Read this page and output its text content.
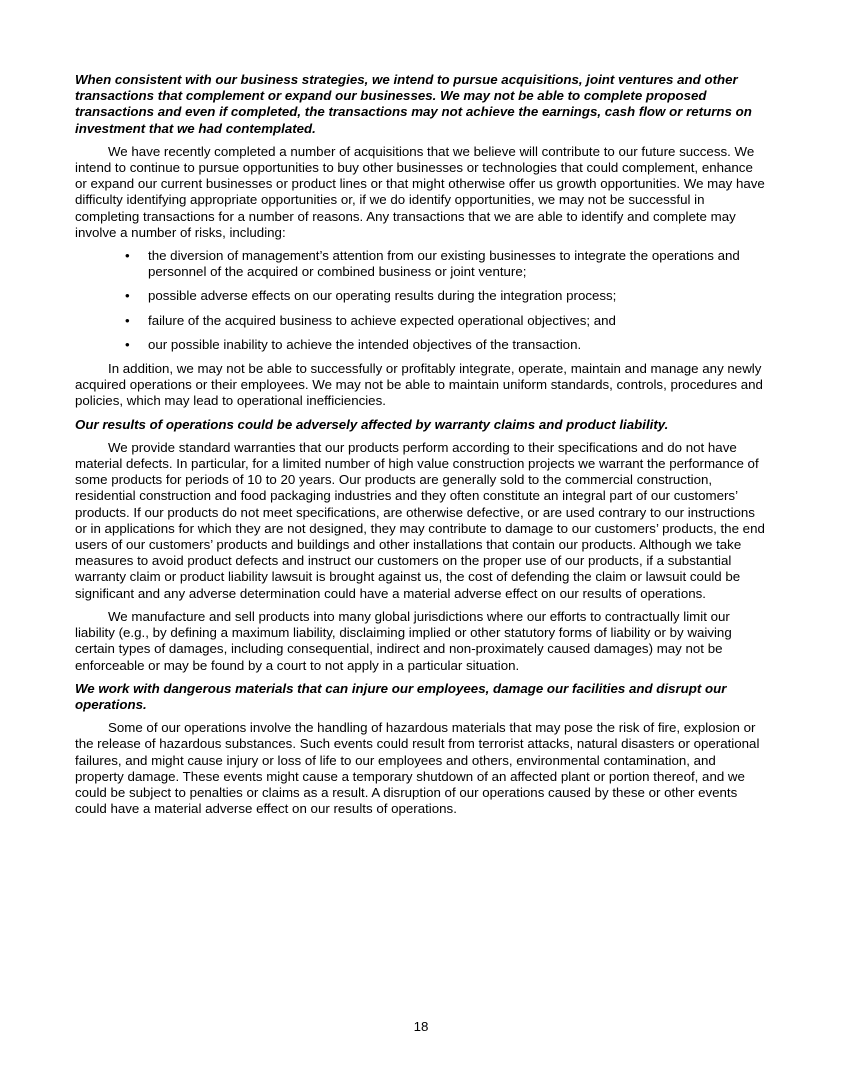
When consistent with our business strategies, we intend to pursue acquisitions, joint ventures and other transactions that complement or expand our businesses. We may not be able to complete proposed transactions and even if completed, the transactions may not achieve the earnings, cash flow or returns on investment that we had contemplated.

We have recently completed a number of acquisitions that we believe will contribute to our future success. We intend to continue to pursue opportunities to buy other businesses or technologies that could complement, enhance or expand our current businesses or product lines or that might otherwise offer us growth opportunities. We may have difficulty identifying appropriate opportunities or, if we do identify opportunities, we may not be successful in completing transactions for a number of reasons. Any transactions that we are able to identify and complete may involve a number of risks, including:

• the diversion of management’s attention from our existing businesses to integrate the operations and personnel of the acquired or combined business or joint venture;
• possible adverse effects on our operating results during the integration process;
• failure of the acquired business to achieve expected operational objectives; and
• our possible inability to achieve the intended objectives of the transaction.

In addition, we may not be able to successfully or profitably integrate, operate, maintain and manage any newly acquired operations or their employees. We may not be able to maintain uniform standards, controls, procedures and policies, which may lead to operational inefficiencies.

Our results of operations could be adversely affected by warranty claims and product liability.

We provide standard warranties that our products perform according to their specifications and do not have material defects. In particular, for a limited number of high value construction projects we warrant the performance of some products for periods of 10 to 20 years. Our products are generally sold to the commercial construction, residential construction and food packaging industries and they often constitute an integral part of our customers’ products. If our products do not meet specifications, are otherwise defective, or are used contrary to our instructions or in applications for which they are not designed, they may contribute to damage to our customers’ products, the end users of our customers’ products and buildings and other installations that contain our products. Although we take measures to avoid product defects and instruct our customers on the proper use of our products, if a substantial warranty claim or product liability lawsuit is brought against us, the cost of defending the claim or lawsuit could be significant and any adverse determination could have a material adverse effect on our results of operations.

We manufacture and sell products into many global jurisdictions where our efforts to contractually limit our liability (e.g., by defining a maximum liability, disclaiming implied or other statutory forms of liability or by waiving certain types of damages, including consequential, indirect and non-proximately caused damages) may not be enforceable or may be found by a court to not apply in a particular situation.

We work with dangerous materials that can injure our employees, damage our facilities and disrupt our operations.

Some of our operations involve the handling of hazardous materials that may pose the risk of fire, explosion or the release of hazardous substances. Such events could result from terrorist attacks, natural disasters or operational failures, and might cause injury or loss of life to our employees and others, environmental contamination, and property damage. These events might cause a temporary shutdown of an affected plant or portion thereof, and we could be subject to penalties or claims as a result. A disruption of our operations caused by these or other events could have a material adverse effect on our results of operations.

18
